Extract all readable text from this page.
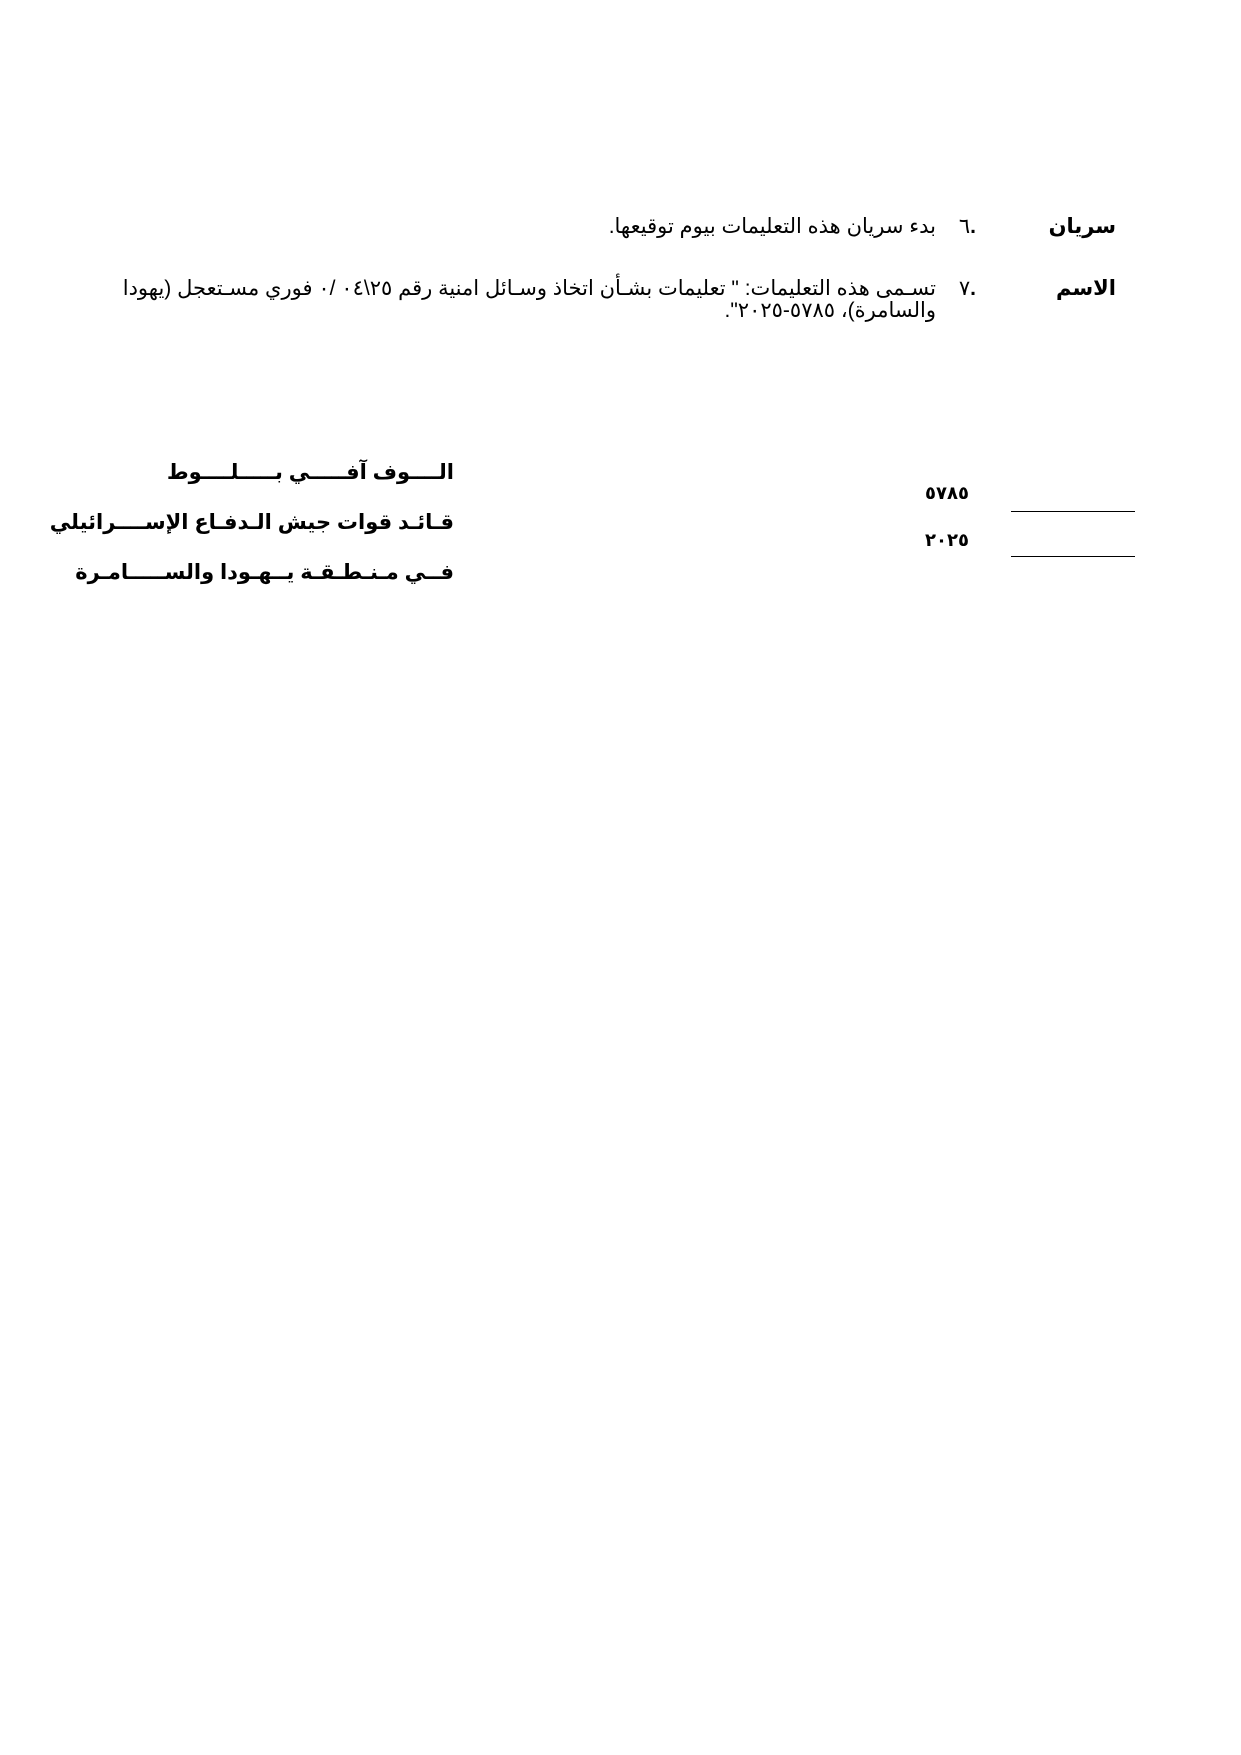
سريان
.٦
بدء سريان هذه التعليمات بيوم توقيعها.
الاسم
.٧
تسـمى هذه التعليمات: " تعليمات بشـأن اتخاذ وسـائل امنية رقم ٢٥\٠٤ /٠ فوري مسـتعجل (يهودا
والسامرة)، ٥٧٨٥-٢٠٢٥".
الــــوف آفـــــي بـــــلــــوط
قـائـد قوات جيش الـدفـاع الإســــرائيلي
فــي مـنـطـقـة يــهـودا والســـــامـرة
٥٧٨٥
٢٠٢٥
